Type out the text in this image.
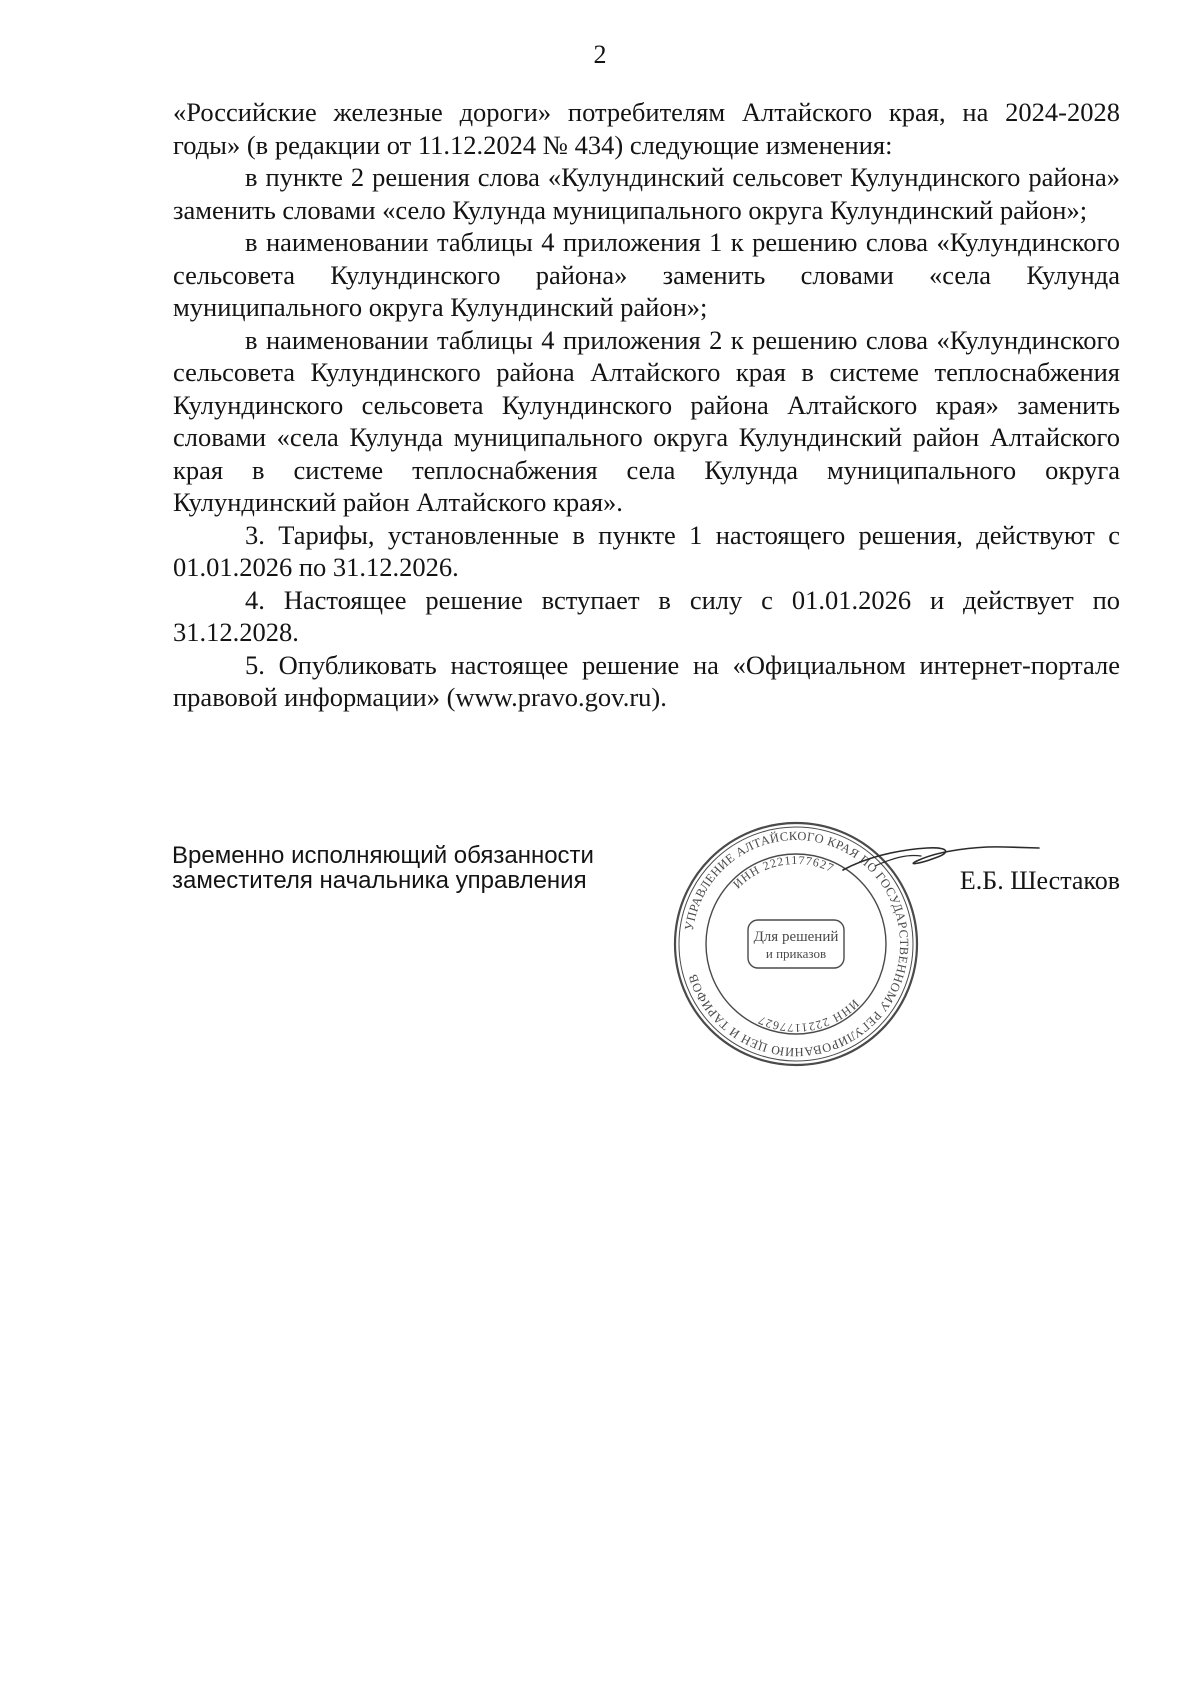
2

«Российские железные дороги» потребителям Алтайского края, на 2024-2028 годы» (в редакции от 11.12.2024 № 434) следующие изменения:

в пункте 2 решения слова «Кулундинский сельсовет Кулундинского района» заменить словами «село Кулунда муниципального округа Кулундинский район»;

в наименовании таблицы 4 приложения 1 к решению слова «Кулундинского сельсовета Кулундинского района» заменить словами «села Кулунда муниципального округа Кулундинский район»;

в наименовании таблицы 4 приложения 2 к решению слова «Кулундинского сельсовета Кулундинского района Алтайского края в системе теплоснабжения Кулундинского сельсовета Кулундинского района Алтайского края» заменить словами «села Кулунда муниципального округа Кулундинский район Алтайского края в системе теплоснабжения села Кулунда муниципального округа Кулундинский район Алтайского края».

3. Тарифы, установленные в пункте 1 настоящего решения, действуют с 01.01.2026 по 31.12.2026.

4. Настоящее решение вступает в силу с 01.01.2026 и действует по 31.12.2028.

5. Опубликовать настоящее решение на «Официальном интернет-портале правовой информации» (www.pravo.gov.ru).

Временно исполняющий обязанности
заместителя начальника управления
УПРАВЛЕНИЕ АЛТАЙСКОГО КРАЯ ПО ГОСУДАРСТВЕННОМУ РЕГУЛИРОВАНИЮ ЦЕН И ТАРИФОВ
ИНН 2221177627
ИНН 2221177627
Для решений
и приказов
Е.Б. Шестаков
